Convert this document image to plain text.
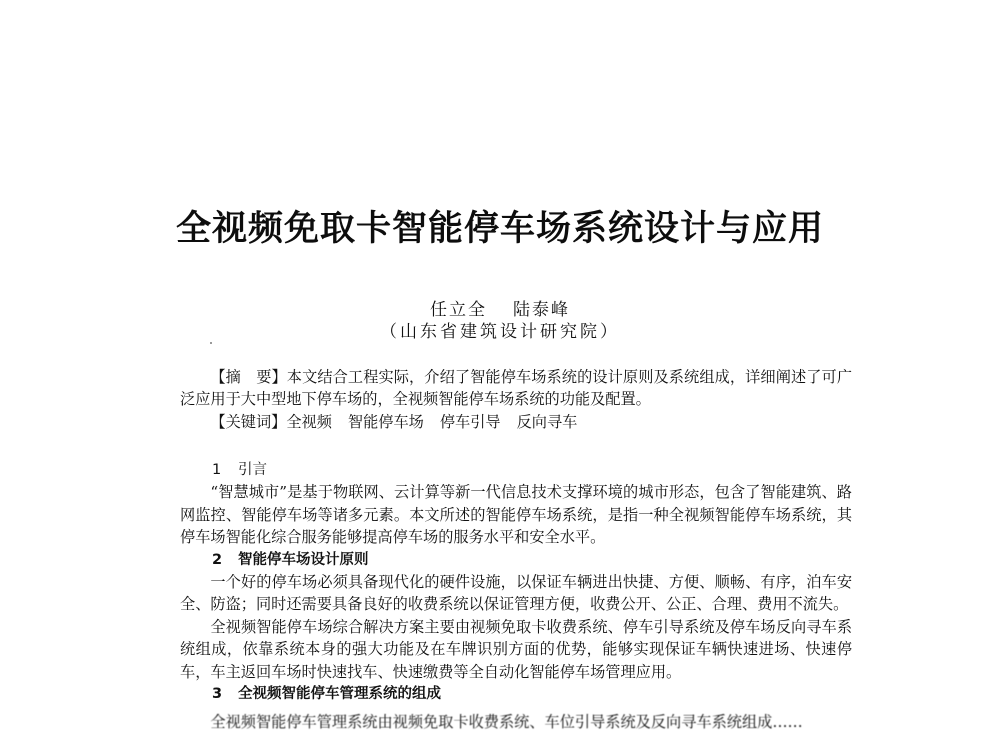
全视频免取卡智能停车场系统设计与应用
任立全 陆泰峰
（山东省建筑设计研究院）

【摘　要】本文结合工程实际，介绍了智能停车场系统的设计原则及系统组成，详细阐述了可广泛应用于大中型地下停车场的，全视频智能停车场系统的功能及配置。

【关键词】全视频 智能停车场 停车引导 反向寻车

1 引言

“智慧城市”是基于物联网、云计算等新一代信息技术支撑环境的城市形态，包含了智能建筑、路网监控、智能停车场等诸多元素。本文所述的智能停车场系统，是指一种全视频智能停车场系统，其停车场智能化综合服务能够提高停车场的服务水平和安全水平。

2 智能停车场设计原则

一个好的停车场必须具备现代化的硬件设施，以保证车辆进出快捷、方便、顺畅、有序，泊车安全、防盗；同时还需要具备良好的收费系统以保证管理方便，收费公开、公正、合理、费用不流失。

全视频智能停车场综合解决方案主要由视频免取卡收费系统、停车引导系统及停车场反向寻车系统组成，依靠系统本身的强大功能及在车牌识别方面的优势，能够实现保证车辆快速进场、快速停车，车主返回车场时快速找车、快速缴费等全自动化智能停车场管理应用。

3 全视频智能停车管理系统的组成

全视频智能停车管理系统由视频免取卡收费系统、车位引导系统及反向寻车系统组成……
